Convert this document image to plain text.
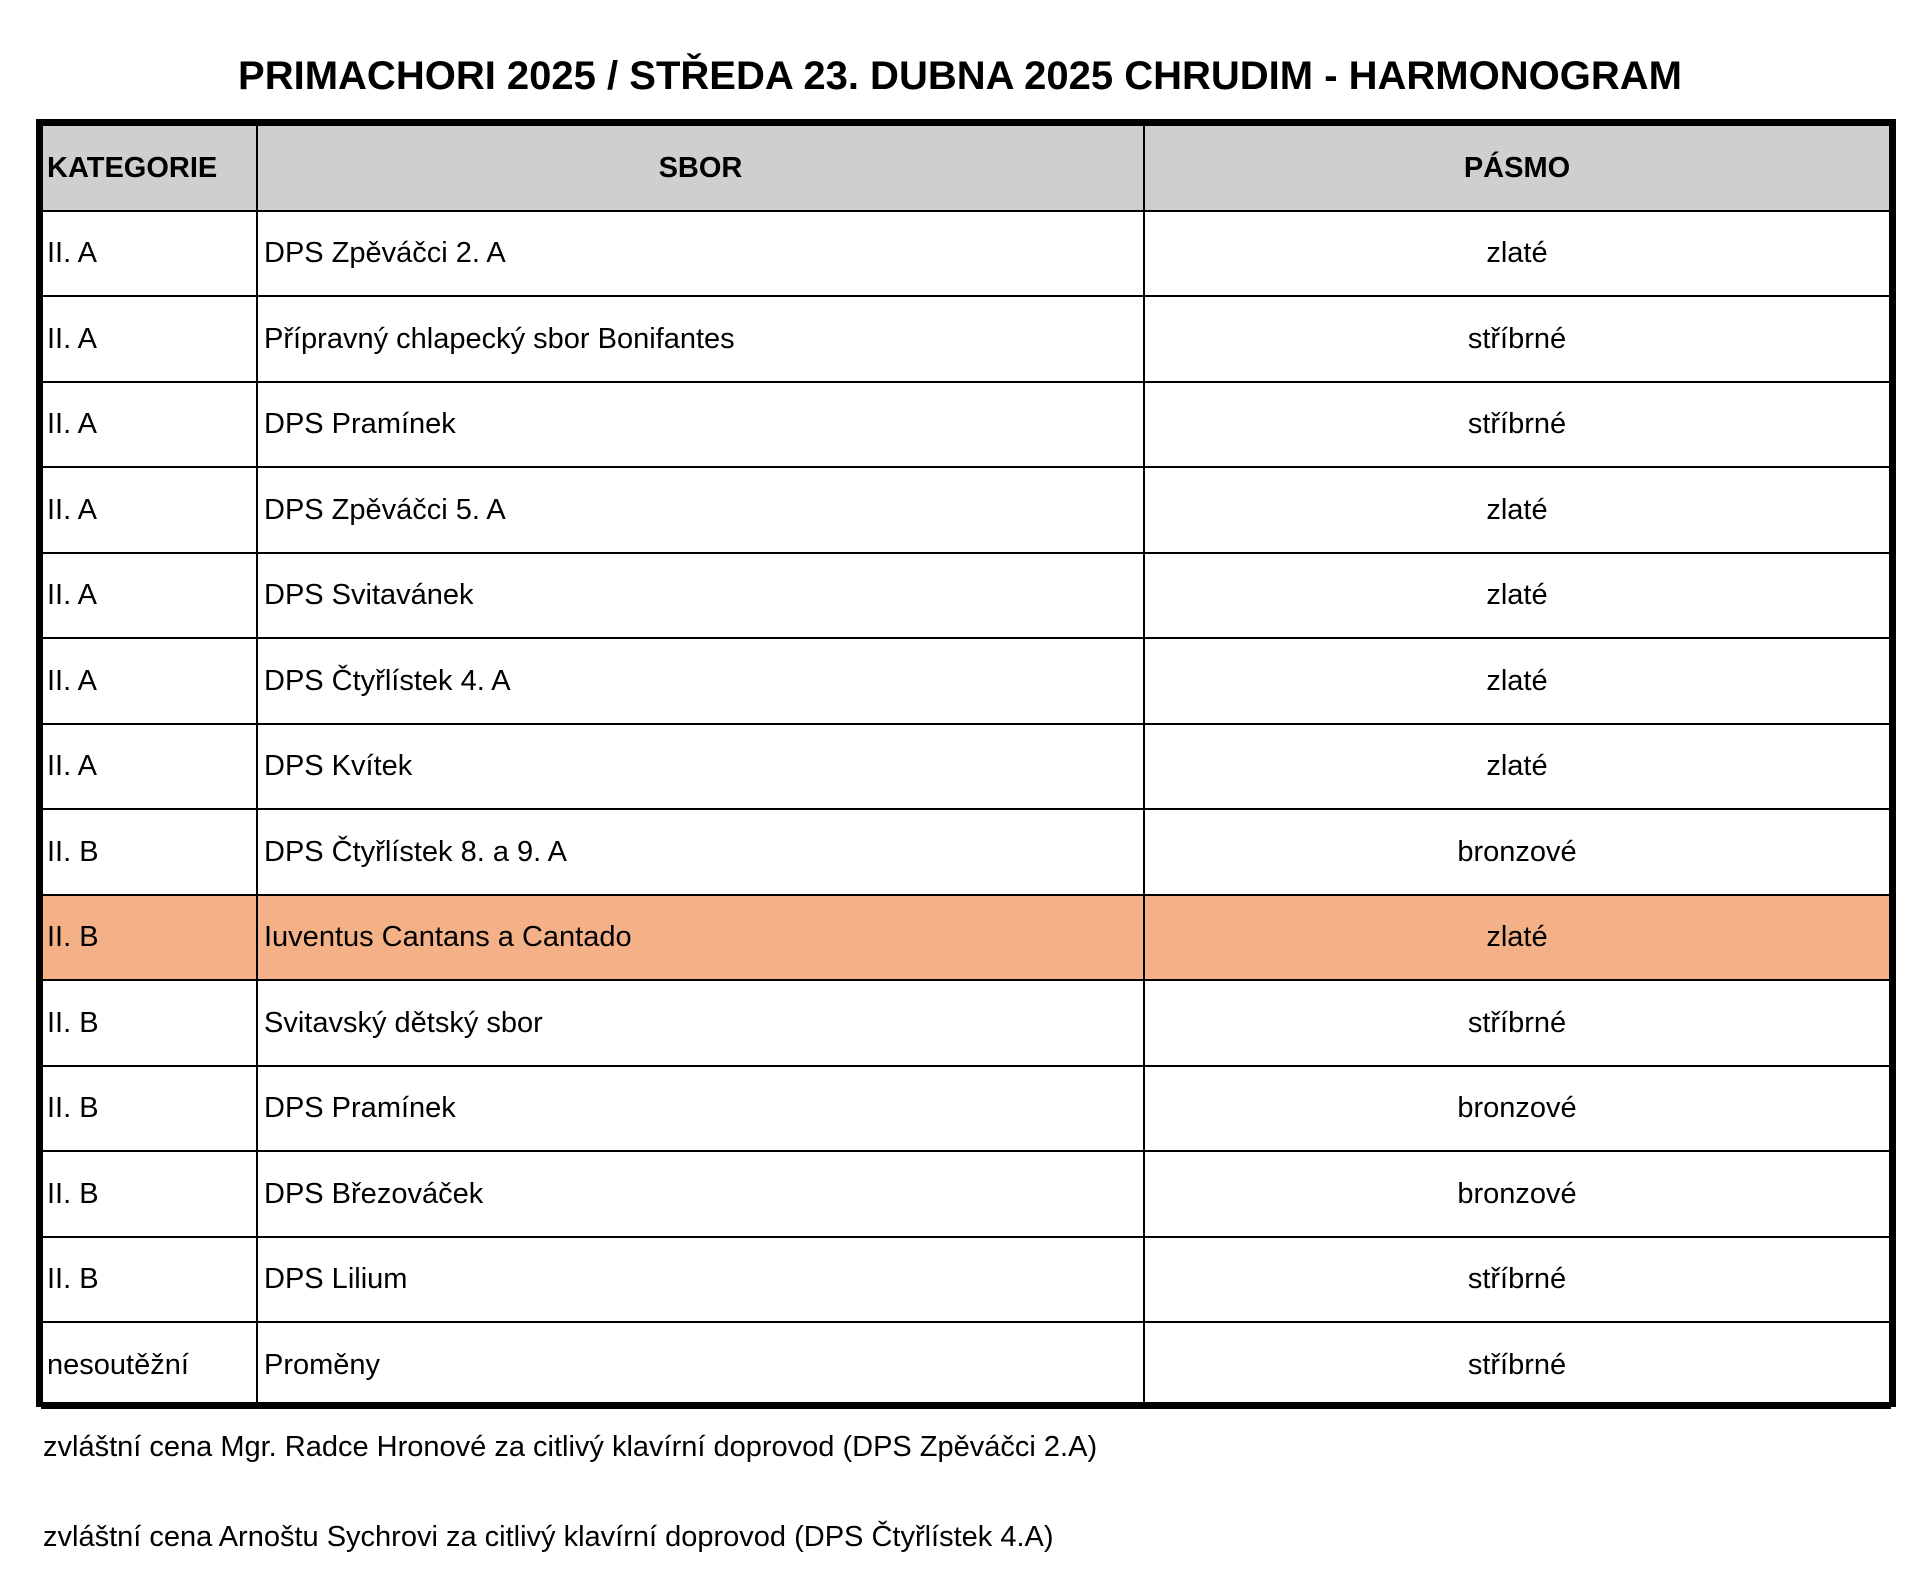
PRIMACHORI 2025 / STŘEDA 23. DUBNA 2025 CHRUDIM - HARMONOGRAM
KATEGORIE	SBOR	PÁSMO
II. A	DPS Zpěváčci 2. A	zlaté
II. A	Přípravný chlapecký sbor Bonifantes	stříbrné
II. A	DPS Pramínek	stříbrné
II. A	DPS Zpěváčci 5. A	zlaté
II. A	DPS Svitavánek	zlaté
II. A	DPS Čtyřlístek 4. A	zlaté
II. A	DPS Kvítek	zlaté
II. B	DPS Čtyřlístek 8. a 9. A	bronzové
II. B	Iuventus Cantans a Cantado	zlaté
II. B	Svitavský dětský sbor	stříbrné
II. B	DPS Pramínek	bronzové
II. B	DPS Březováček	bronzové
II. B	DPS Lilium	stříbrné
nesoutěžní	Proměny	stříbrné
zvláštní cena Mgr. Radce Hronové za citlivý klavírní doprovod (DPS Zpěváčci 2.A)
zvláštní cena Arnoštu Sychrovi za citlivý klavírní doprovod (DPS Čtyřlístek 4.A)
